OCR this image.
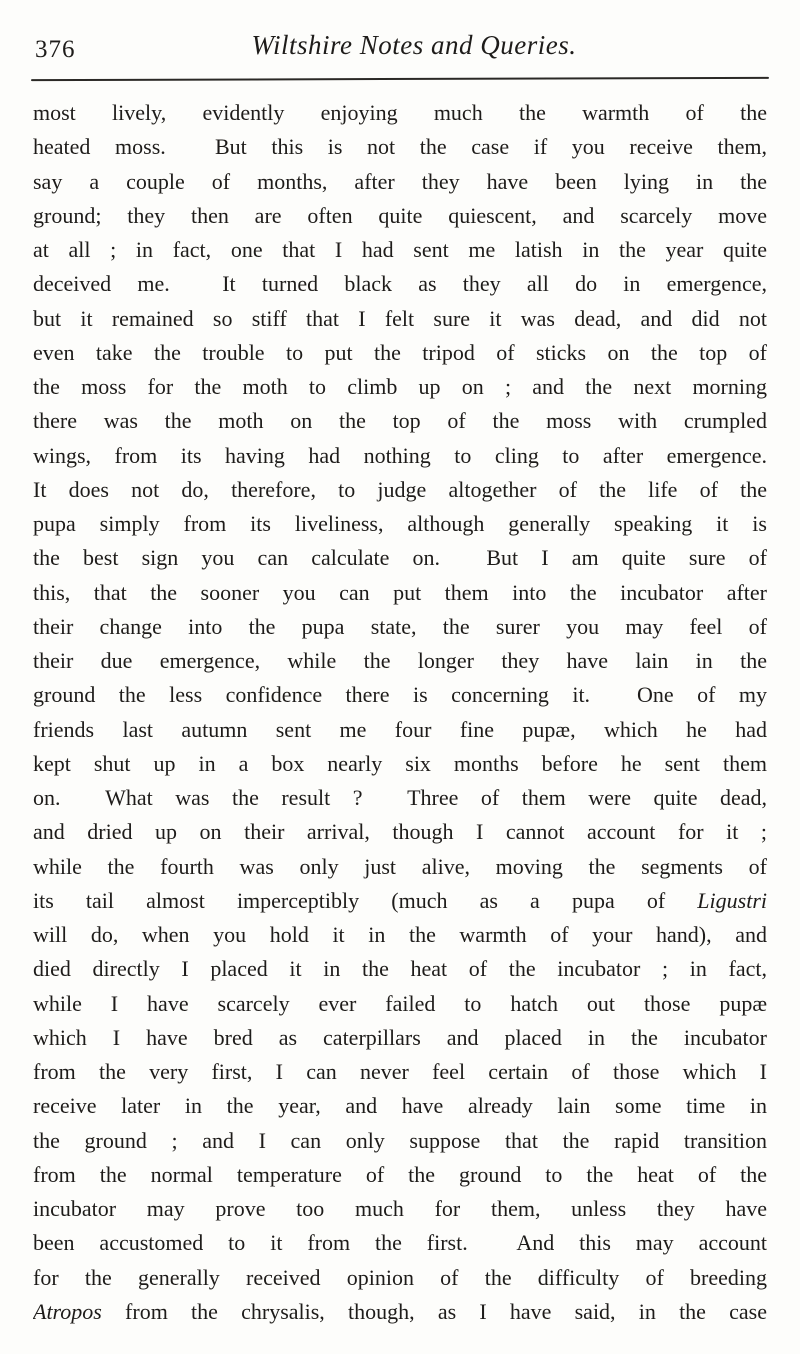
376	Wiltshire Notes and Queries.
most lively, evidently enjoying much the warmth of the
heated moss.  But this is not the case if you receive them,
say a couple of months, after they have been lying in the
ground; they then are often quite quiescent, and scarcely move
at all ; in fact, one that I had sent me latish in the year quite
deceived me.  It turned black as they all do in emergence,
but it remained so stiff that I felt sure it was dead, and did not
even take the trouble to put the tripod of sticks on the top of
the moss for the moth to climb up on ; and the next morning
there was the moth on the top of the moss with crumpled
wings, from its having had nothing to cling to after emergence.
It does not do, therefore, to judge altogether of the life of the
pupa simply from its liveliness, although generally speaking it is
the best sign you can calculate on.  But I am quite sure of
this, that the sooner you can put them into the incubator after
their change into the pupa state, the surer you may feel of
their due emergence, while the longer they have lain in the
ground the less confidence there is concerning it.  One of my
friends last autumn sent me four fine pupæ, which he had
kept shut up in a box nearly six months before he sent them
on.  What was the result ?  Three of them were quite dead,
and dried up on their arrival, though I cannot account for it ;
while the fourth was only just alive, moving the segments of
its tail almost imperceptibly (much as a pupa of Ligustri
will do, when you hold it in the warmth of your hand), and
died directly I placed it in the heat of the incubator ; in fact,
while I have scarcely ever failed to hatch out those pupæ
which I have bred as caterpillars and placed in the incubator
from the very first, I can never feel certain of those which I
receive later in the year, and have already lain some time in
the ground ; and I can only suppose that the rapid transition
from the normal temperature of the ground to the heat of the
incubator may prove too much for them, unless they have
been accustomed to it from the first.  And this may account
for the generally received opinion of the difficulty of breeding
Atropos from the chrysalis, though, as I have said, in the case
